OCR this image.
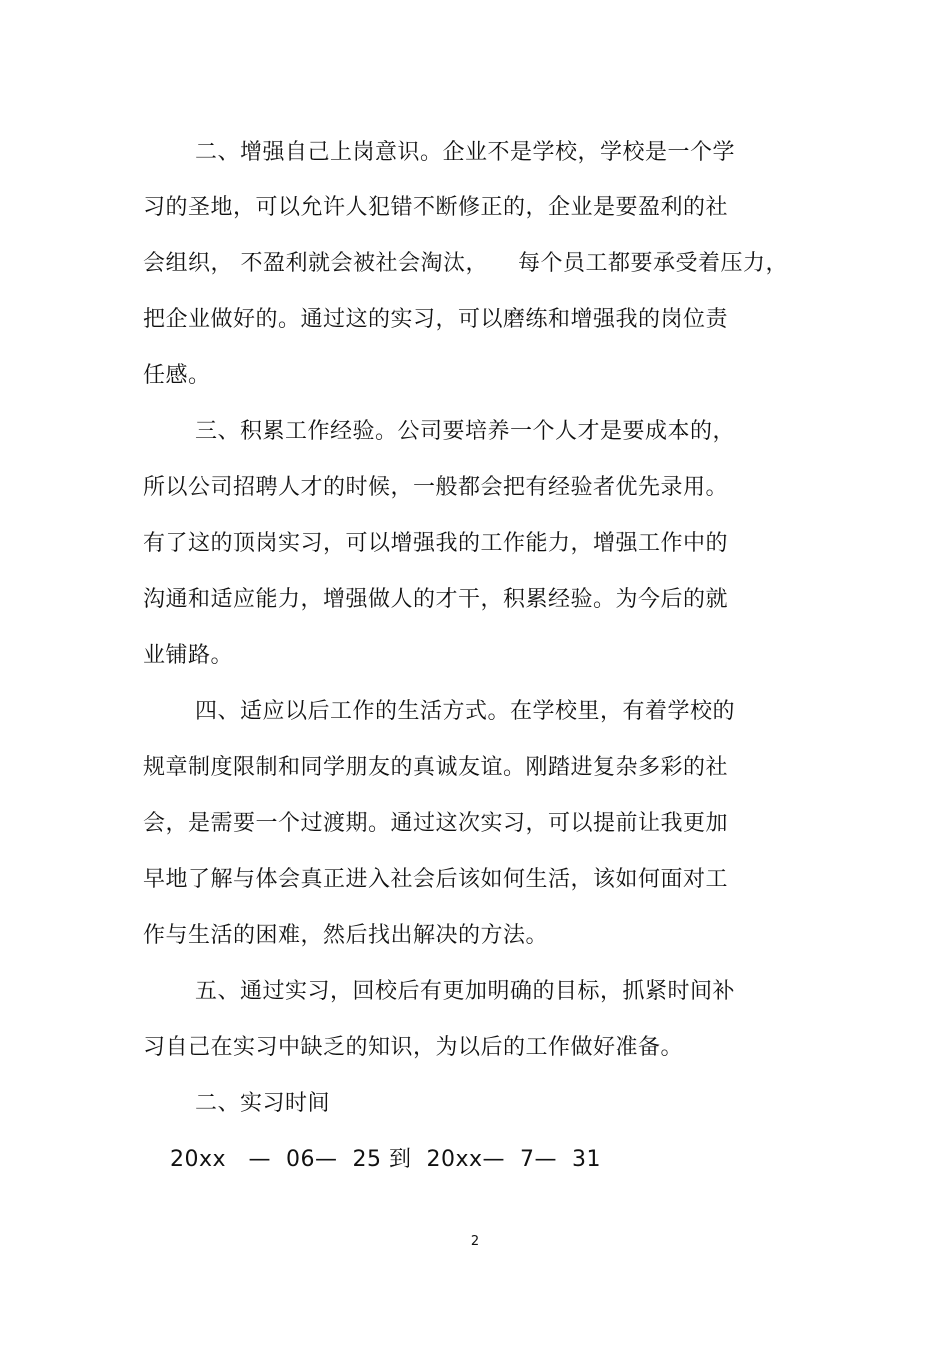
二、增强自己上岗意识。企业不是学校，学校是一个学
习的圣地，可以允许人犯错不断修正的，企业是要盈利的社
会组织， 不盈利就会被社会淘汰，    每个员工都要承受着压力，
把企业做好的。通过这的实习，可以磨练和增强我的岗位责
任感。
三、积累工作经验。公司要培养一个人才是要成本的，
所以公司招聘人才的时候，一般都会把有经验者优先录用。
有了这的顶岗实习，可以增强我的工作能力，增强工作中的
沟通和适应能力，增强做人的才干，积累经验。为今后的就
业铺路。
四、适应以后工作的生活方式。在学校里，有着学校的
规章制度限制和同学朋友的真诚友谊。刚踏进复杂多彩的社
会，是需要一个过渡期。通过这次实习，可以提前让我更加
早地了解与体会真正进入社会后该如何生活，该如何面对工
作与生活的困难，然后找出解决的方法。
五、通过实习，回校后有更加明确的目标，抓紧时间补
习自己在实习中缺乏的知识，为以后的工作做好准备。
二、实习时间
20xx   —  06—  25 到  20xx—  7—  31
2
